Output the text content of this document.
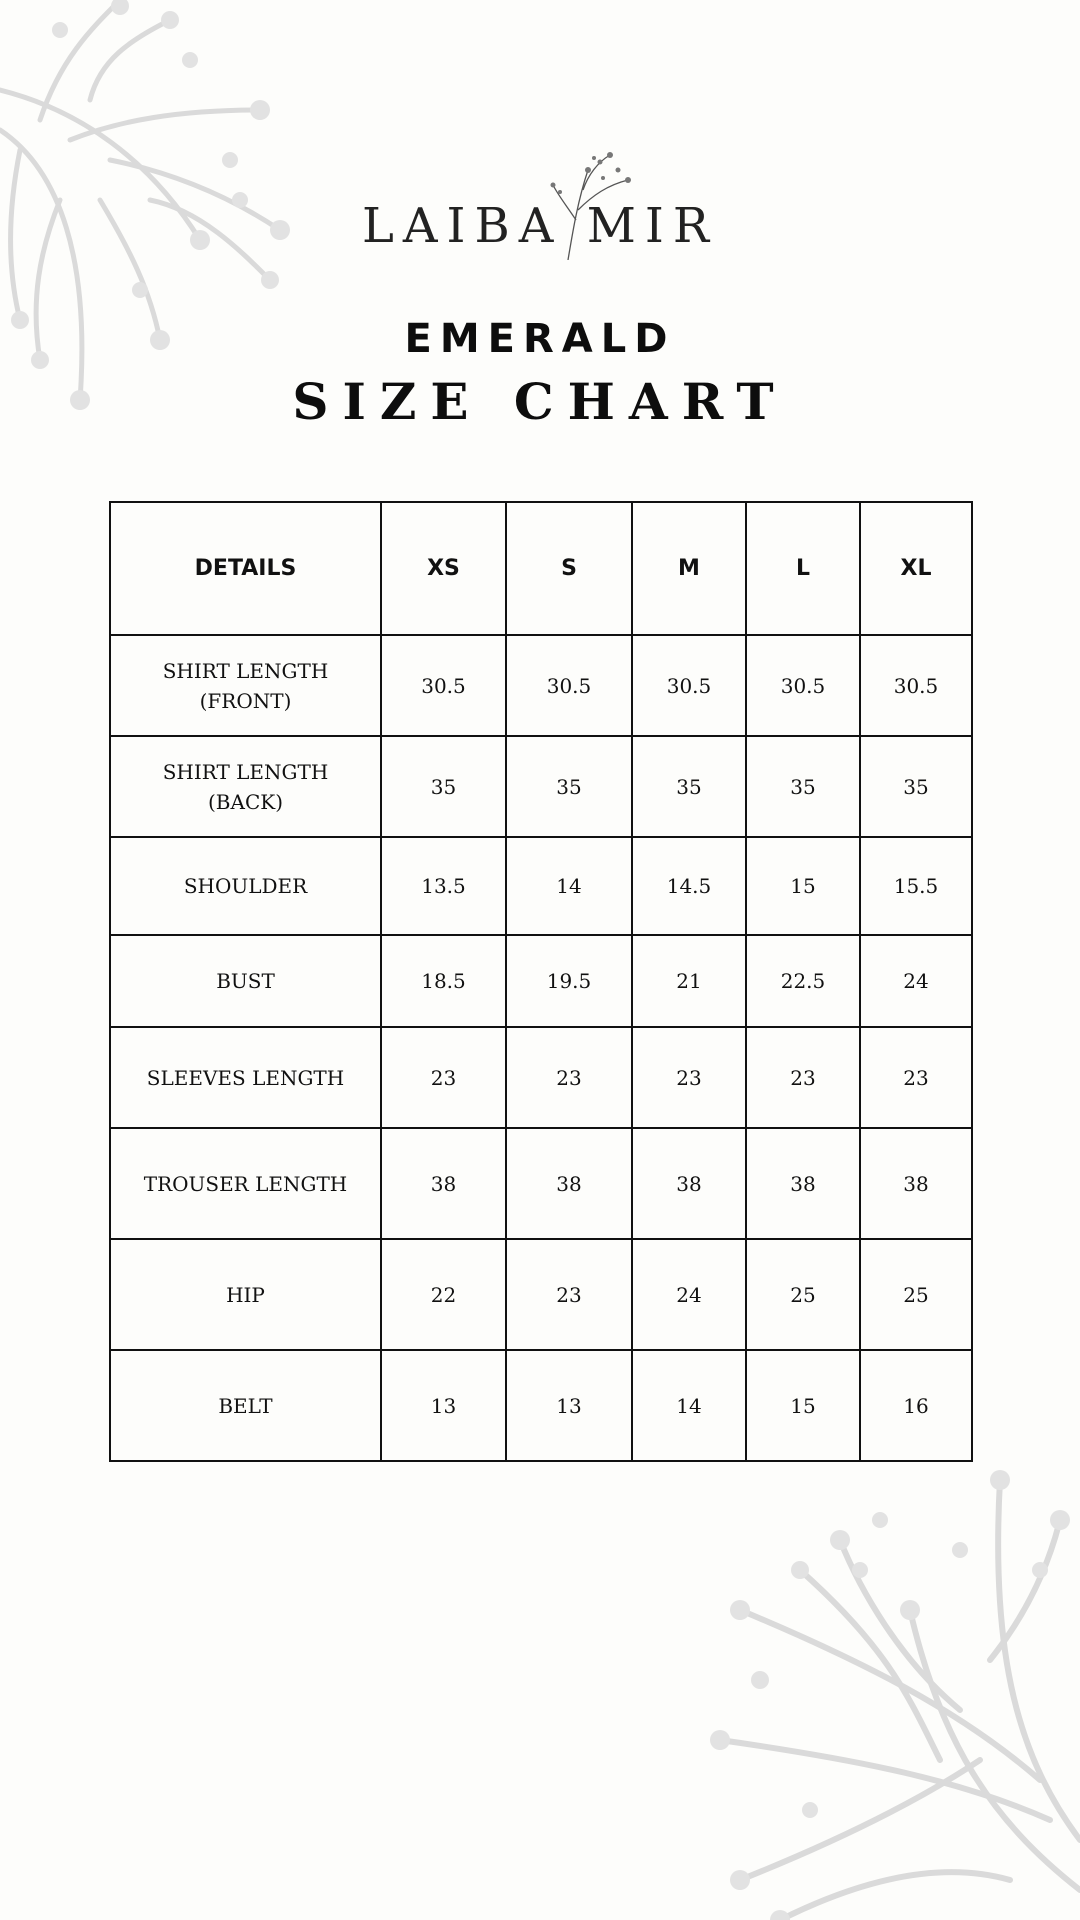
LAIBA MIR
EMERALD
SIZE CHART
DETAILS	XS	S	M	L	XL
SHIRT LENGTH
(FRONT)	30.5	30.5	30.5	30.5	30.5
SHIRT LENGTH
(BACK)	35	35	35	35	35
SHOULDER	13.5	14	14.5	15	15.5
BUST	18.5	19.5	21	22.5	24
SLEEVES LENGTH	23	23	23	23	23
TROUSER LENGTH	38	38	38	38	38
HIP	22	23	24	25	25
BELT	13	13	14	15	16
